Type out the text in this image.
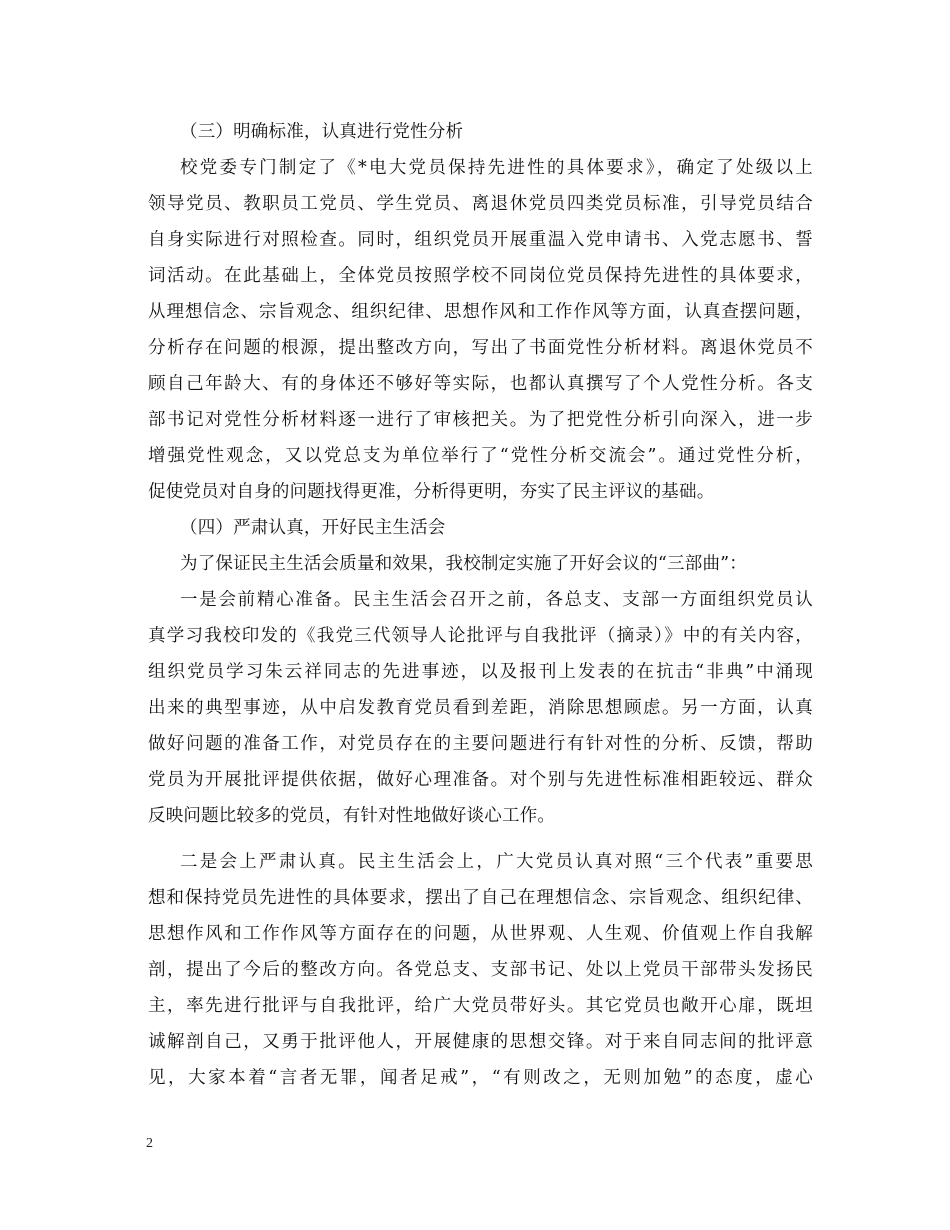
（三）明确标准，认真进行党性分析
校党委专门制定了《*电大党员保持先进性的具体要求》，确定了处级以上
领导党员、教职员工党员、学生党员、离退休党员四类党员标准，引导党员结合
自身实际进行对照检查。同时，组织党员开展重温入党申请书、入党志愿书、誓
词活动。在此基础上，全体党员按照学校不同岗位党员保持先进性的具体要求，
从理想信念、宗旨观念、组织纪律、思想作风和工作作风等方面，认真查摆问题，
分析存在问题的根源，提出整改方向，写出了书面党性分析材料。离退休党员不
顾自己年龄大、有的身体还不够好等实际，也都认真撰写了个人党性分析。各支
部书记对党性分析材料逐一进行了审核把关。为了把党性分析引向深入，进一步
增强党性观念，又以党总支为单位举行了“党性分析交流会”。通过党性分析，
促使党员对自身的问题找得更准，分析得更明，夯实了民主评议的基础。
（四）严肃认真，开好民主生活会
为了保证民主生活会质量和效果，我校制定实施了开好会议的“三部曲”：
一是会前精心准备。民主生活会召开之前，各总支、支部一方面组织党员认
真学习我校印发的《我党三代领导人论批评与自我批评（摘录）》中的有关内容，
组织党员学习朱云祥同志的先进事迹，以及报刊上发表的在抗击“非典”中涌现
出来的典型事迹，从中启发教育党员看到差距，消除思想顾虑。另一方面，认真
做好问题的准备工作，对党员存在的主要问题进行有针对性的分析、反馈，帮助
党员为开展批评提供依据，做好心理准备。对个别与先进性标准相距较远、群众
反映问题比较多的党员，有针对性地做好谈心工作。
二是会上严肃认真。民主生活会上，广大党员认真对照“三个代表”重要思
想和保持党员先进性的具体要求，摆出了自己在理想信念、宗旨观念、组织纪律、
思想作风和工作作风等方面存在的问题，从世界观、人生观、价值观上作自我解
剖，提出了今后的整改方向。各党总支、支部书记、处以上党员干部带头发扬民
主，率先进行批评与自我批评，给广大党员带好头。其它党员也敞开心扉，既坦
诚解剖自己，又勇于批评他人，开展健康的思想交锋。对于来自同志间的批评意
见，大家本着“言者无罪，闻者足戒”，“有则改之，无则加勉”的态度，虚心
2
